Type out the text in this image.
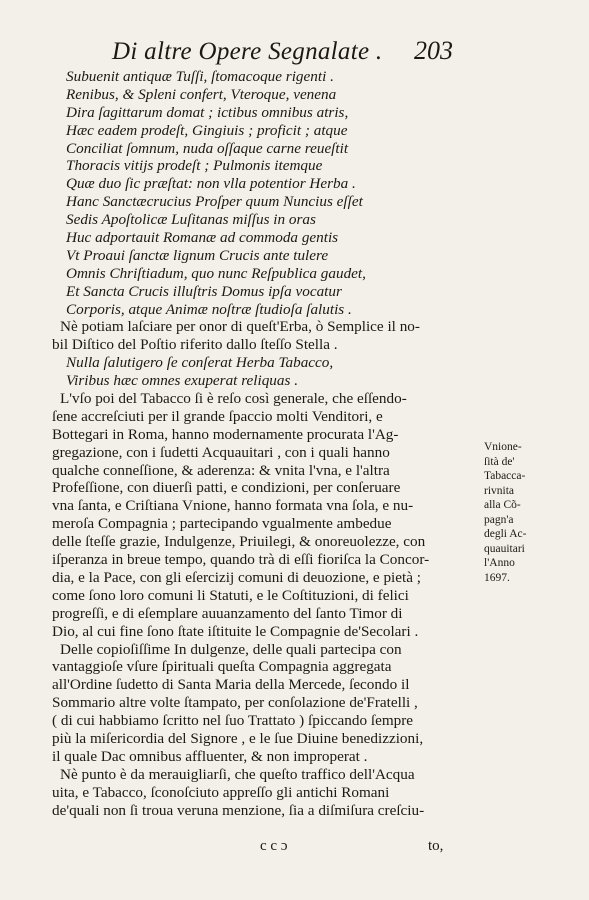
Di altre Opere Segnalate . 203
Subuenit antiquæ Tuſſi, ſtomacoque rigenti .
Renibus, & Spleni confert, Vteroque, venena
Dira ſagittarum domat ; ictibus omnibus atris,
Hæc eadem prodeſt, Gingiuis ; proficit ; atque
Conciliat ſomnum, nuda oſſaque carne reueſtit
Thoracis vitijs prodeſt ; Pulmonis itemque
Quæ duo ſic præſtat: non vlla potentior Herba .
Hanc Sanctæcrucius Proſper quum Nuncius eſſet
Sedis Apoſtolicæ Luſitanas miſſus in oras
Huc adportauit Romanæ ad commoda gentis
Vt Proaui ſanctæ lignum Crucis ante tulere
Omnis Chriſtiadum, quo nunc Reſpublica gaudet,
Et Sancta Crucis illuſtris Domus ipſa vocatur
Corporis, atque Animæ noſtræ ſtudioſa ſalutis .
Nè potiam laſciare per onor di queſt'Erba, ò Semplice il no-
bil Diſtico del Poſtio riferito dallo ſteſſo Stella .
Nulla ſalutigero ſe conſerat Herba Tabacco,
Viribus hæc omnes exuperat reliquas .
L'vſo poi del Tabacco ſi è reſo così generale, che eſſendo-
ſene accreſciuti per il grande ſpaccio molti Venditori, e
Bottegari in Roma, hanno modernamente procurata l'Ag-
gregazione, con i ſudetti Acquauitari , con i quali hanno
qualche conneſſione, & aderenza: & vnita l'vna, e l'altra
Profeſſione, con diuerſi patti, e condizioni, per conſeruare
vna ſanta, e Criſtiana Vnione, hanno formata vna ſola, e nu-
meroſa Compagnia ; partecipando vgualmente ambedue
delle ſteſſe grazie, Indulgenze, Priuilegi, & onoreuolezze, con
iſperanza in breue tempo, quando trà di eſſi fioriſca la Concor-
dia, e la Pace, con gli eſercizij comuni di deuozione, e pietà ;
come ſono loro comuni li Statuti, e le Coſtituzioni, di felici
progreſſi, e di eſemplare auuanzamento del ſanto Timor di
Dio, al cui fine ſono ſtate iſtituite le Compagnie de'Secolari .
Delle copioſiſſime In dulgenze, delle quali partecipa con
vantaggioſe vſure ſpirituali queſta Compagnia aggregata
all'Ordine ſudetto di Santa Maria della Mercede, ſecondo il
Sommario altre volte ſtampato, per conſolazione de'Fratelli ,
( di cui habbiamo ſcritto nel ſuo Trattato ) ſpiccando ſempre
più la miſericordia del Signore , e le ſue Diuine benedizzioni,
il quale Dac omnibus affluenter, & non improperat .
Nè punto è da merauigliarſi, che queſto traffico dell'Acqua
uita, e Tabacco, ſconoſciuto appreſſo gli antichi Romani
de'quali non ſi troua veruna menzione, ſia a diſmiſura creſciu-
Vnione-
ſità de'
Tabacca-
rivnita
alla Cõ-
pagn'a
degli Ac-
quauitari
l'Anno
1697.
c c ɔ	to,
